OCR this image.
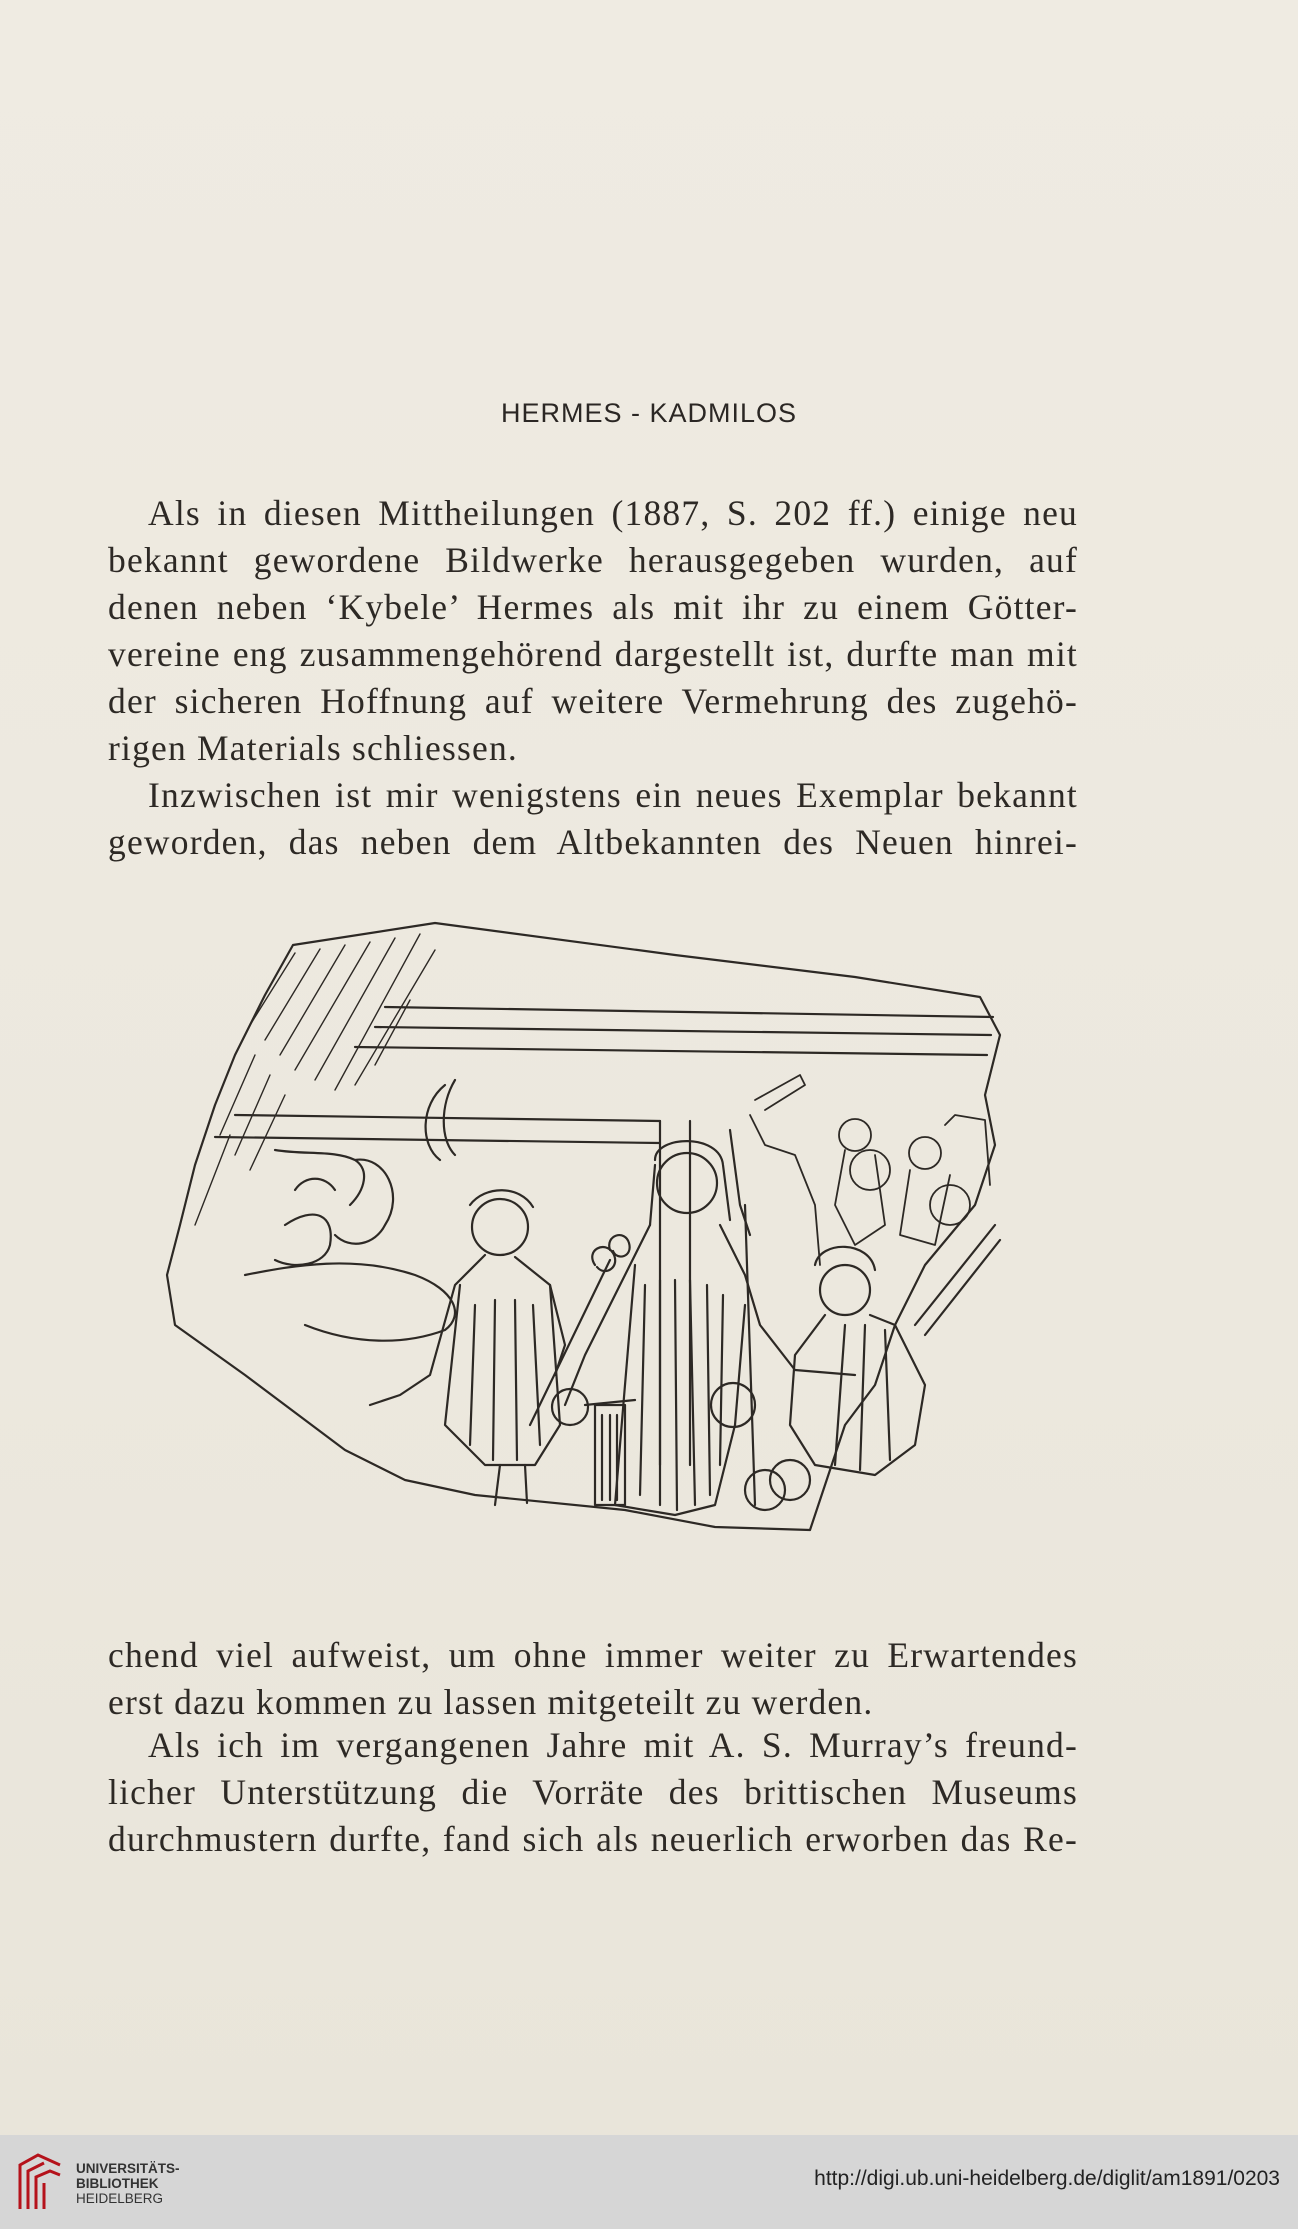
HERMES - KADMILOS
Als in diesen Mittheilungen (1887, S. 202 ff.) einige neu
bekannt gewordene Bildwerke herausgegeben wurden, auf
denen neben ‘Kybele’ Hermes als mit ihr zu einem Götter-
vereine eng zusammengehörend dargestellt ist, durfte man mit
der sicheren Hoffnung auf weitere Vermehrung des zugehö-
rigen Materials schliessen.
Inzwischen ist mir wenigstens ein neues Exemplar bekannt
geworden, das neben dem Altbekannten des Neuen hinrei-
chend viel aufweist, um ohne immer weiter zu Erwartendes
erst dazu kommen zu lassen mitgeteilt zu werden.
Als ich im vergangenen Jahre mit A. S. Murray’s freund-
licher Unterstützung die Vorräte des brittischen Museums
durchmustern durfte, fand sich als neuerlich erworben das Re-
UNIVERSITÄTS-
BIBLIOTHEK
HEIDELBERG
http://digi.ub.uni-heidelberg.de/diglit/am1891/0203
